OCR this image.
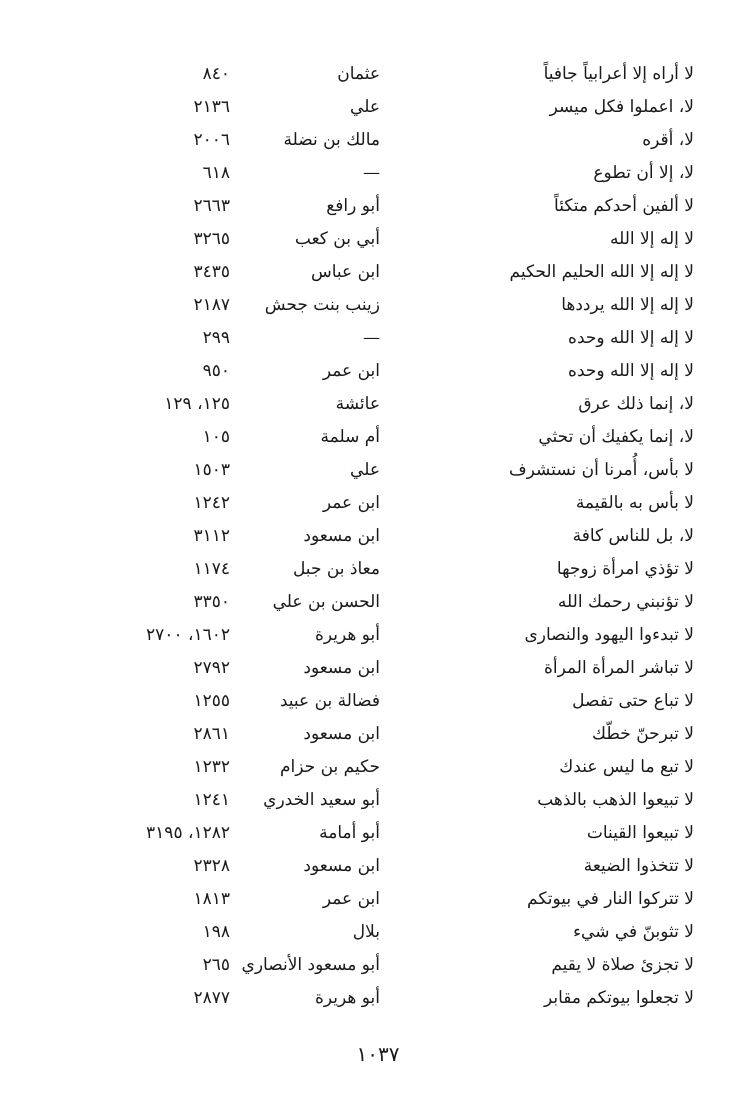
لا أراه إلا أعرابياً جافياً
عثمان
٨٤٠
لا، اعملوا فكل ميسر
علي
٢١٣٦
لا، أقره
مالك بن نضلة
٢٠٠٦
لا، إلا أن تطوع
—
٦١٨
لا ألفين أحدكم متكئاً
أبو رافع
٢٦٦٣
لا إله إلا الله
أبي بن كعب
٣٢٦٥
لا إله إلا الله الحليم الحكيم
ابن عباس
٣٤٣٥
لا إله إلا الله يرددها
زينب بنت جحش
٢١٨٧
لا إله إلا الله وحده
—
٢٩٩
لا إله إلا الله وحده
ابن عمر
٩٥٠
لا، إنما ذلك عرق
عائشة
١٢٥، ١٢٩
لا، إنما يكفيك أن تحثي
أم سلمة
١٠٥
لا بأس، أُمرنا أن نستشرف
علي
١٥٠٣
لا بأس به بالقيمة
ابن عمر
١٢٤٢
لا، بل للناس كافة
ابن مسعود
٣١١٢
لا تؤذي امرأة زوجها
معاذ بن جبل
١١٧٤
لا تؤنبني رحمك الله
الحسن بن علي
٣٣٥٠
لا تبدءوا اليهود والنصارى
أبو هريرة
١٦٠٢، ٢٧٠٠
لا تباشر المرأة المرأة
ابن مسعود
٢٧٩٢
لا تباع حتى تفصل
فضالة بن عبيد
١٢٥٥
لا تبرحنّ خطّك
ابن مسعود
٢٨٦١
لا تبع ما ليس عندك
حكيم بن حزام
١٢٣٢
لا تبيعوا الذهب بالذهب
أبو سعيد الخدري
١٢٤١
لا تبيعوا القينات
أبو أمامة
١٢٨٢، ٣١٩٥
لا تتخذوا الضيعة
ابن مسعود
٢٣٢٨
لا تتركوا النار في بيوتكم
ابن عمر
١٨١٣
لا تثوبنّ في شيء
بلال
١٩٨
لا تجزئ صلاة لا يقيم
أبو مسعود الأنصاري
٢٦٥
لا تجعلوا بيوتكم مقابر
أبو هريرة
٢٨٧٧
١٠٣٧
